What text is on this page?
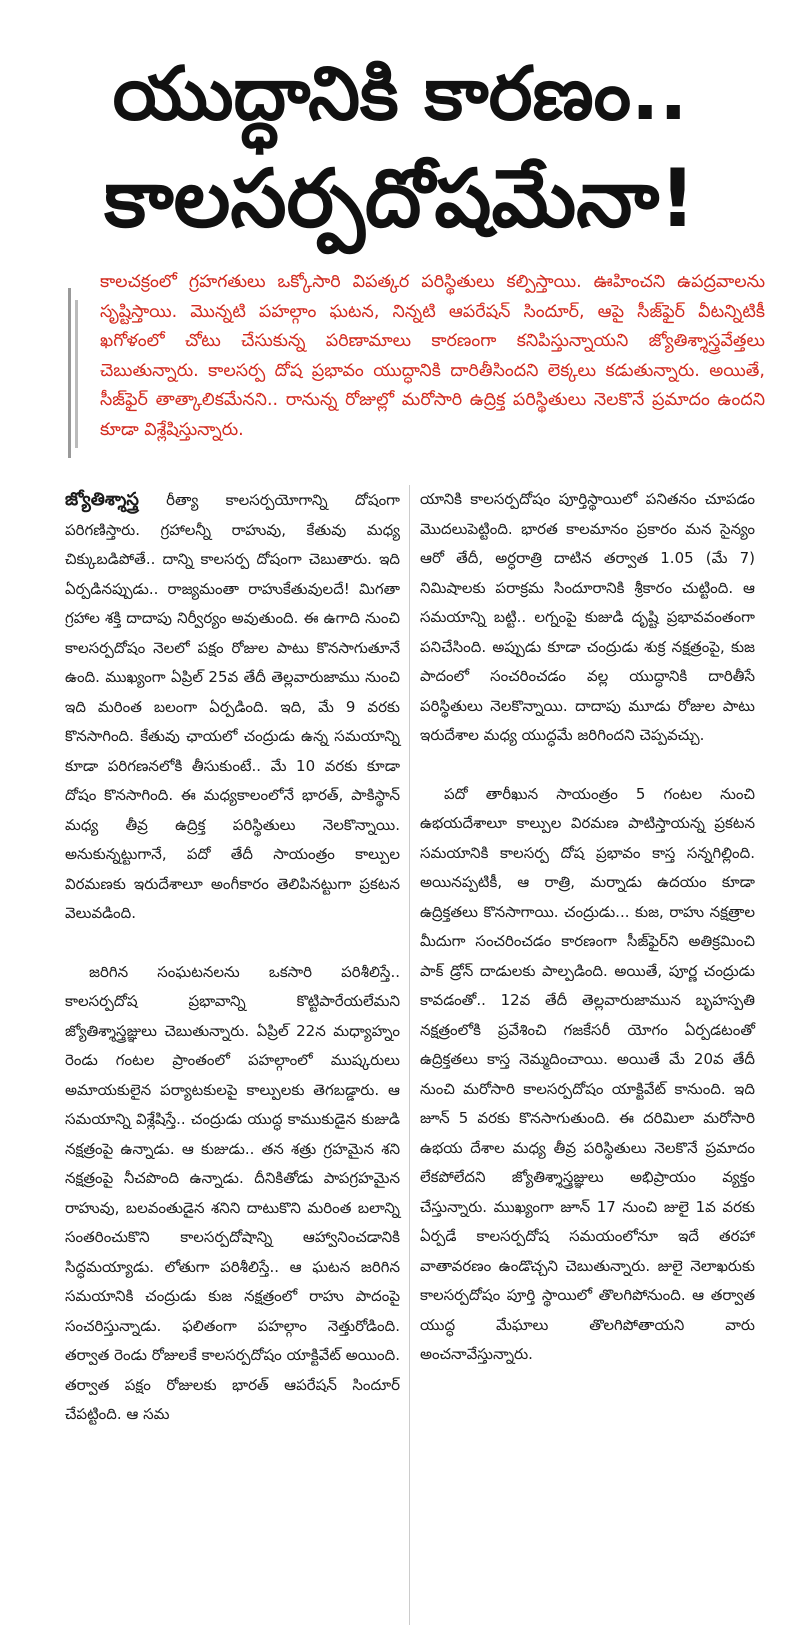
యుద్ధానికి కారణం..
కాలసర్పదోషమేనా!
కాలచక్రంలో గ్రహగతులు ఒక్కోసారి విపత్కర పరిస్థితులు కల్పిస్తాయి. ఊహించని ఉపద్రవాలను సృష్టిస్తాయి. మొన్నటి పహల్గాం ఘటన, నిన్నటి ఆపరేషన్ సిందూర్, ఆపై సీజ్‌ఫైర్ వీటన్నిటికీ ఖగోళంలో చోటు చేసుకున్న పరిణామాలు కారణంగా కనిపిస్తున్నాయని జ్యోతిశ్శాస్త్రవేత్తలు చెబుతున్నారు. కాలసర్ప దోష ప్రభావం యుద్ధానికి దారితీసిందని లెక్కలు కడుతున్నారు. అయితే, సీజ్‌ఫైర్ తాత్కాలికమేనని.. రానున్న రోజుల్లో మరోసారి ఉద్రిక్త పరిస్థితులు నెలకొనే ప్రమాదం ఉందని కూడా విశ్లేషిస్తున్నారు.

జ్యోతిశ్శాస్త్ర రీత్యా కాలసర్పయోగాన్ని దోషంగా పరిగణిస్తారు. గ్రహాలన్నీ రాహువు, కేతువు మధ్య చిక్కుబడిపోతే.. దాన్ని కాలసర్ప దోషంగా చెబుతారు. ఇది ఏర్పడినప్పుడు.. రాజ్యమంతా రాహుకేతువులదే! మిగతా గ్రహాల శక్తి దాదాపు నిర్వీర్యం అవుతుంది. ఈ ఉగాది నుంచి కాలసర్పదోషం నెలలో పక్షం రోజుల పాటు కొనసాగుతూనే ఉంది. ముఖ్యంగా ఏప్రిల్ 25వ తేదీ తెల్లవారుజాము నుంచి ఇది మరింత బలంగా ఏర్పడింది. ఇది, మే 9 వరకు కొనసాగింది. కేతువు ఛాయలో చంద్రుడు ఉన్న సమయాన్ని కూడా పరిగణనలోకి తీసుకుంటే.. మే 10 వరకు కూడా దోషం కొనసాగింది. ఈ మధ్యకాలంలోనే భారత్, పాకిస్థాన్ మధ్య తీవ్ర ఉద్రిక్త పరిస్థితులు నెలకొన్నాయి. అనుకున్నట్టుగానే, పదో తేదీ సాయంత్రం కాల్పుల విరమణకు ఇరుదేశాలూ అంగీకారం తెలిపినట్టుగా ప్రకటన వెలువడింది.

జరిగిన సంఘటనలను ఒకసారి పరిశీలిస్తే.. కాలసర్పదోష ప్రభావాన్ని కొట్టిపారేయలేమని జ్యోతిశ్శాస్త్రజ్ఞులు చెబుతున్నారు. ఏప్రిల్ 22న మధ్యాహ్నం రెండు గంటల ప్రాంతంలో పహల్గాంలో ముష్కరులు అమాయకులైన పర్యాటకులపై కాల్పులకు తెగబడ్డారు. ఆ సమయాన్ని విశ్లేషిస్తే.. చంద్రుడు యుద్ధ కాముకుడైన కుజుడి నక్షత్రంపై ఉన్నాడు. ఆ కుజుడు.. తన శత్రు గ్రహమైన శని నక్షత్రంపై నీచపొంది ఉన్నాడు. దీనికితోడు పాపగ్రహమైన రాహువు, బలవంతుడైన శనిని దాటుకొని మరింత బలాన్ని సంతరించుకొని కాలసర్పదోషాన్ని ఆహ్వానించడానికి సిద్ధమయ్యాడు. లోతుగా పరిశీలిస్తే.. ఆ ఘటన జరిగిన సమయానికి చంద్రుడు కుజ నక్షత్రంలో రాహు పాదంపై సంచరిస్తున్నాడు. ఫలితంగా పహల్గాం నెత్తురోడింది. తర్వాత రెండు రోజులకే కాలసర్పదోషం యాక్టివేట్ అయింది. తర్వాత పక్షం రోజులకు భారత్ ఆపరేషన్ సిందూర్ చేపట్టింది. ఆ సమ

యానికి కాలసర్పదోషం పూర్తిస్థాయిలో పనితనం చూపడం మొదలుపెట్టింది. భారత కాలమానం ప్రకారం మన సైన్యం ఆరో తేదీ, అర్ధరాత్రి దాటిన తర్వాత 1.05 (మే 7) నిమిషాలకు పరాక్రమ సిందూరానికి శ్రీకారం చుట్టింది. ఆ సమయాన్ని బట్టి.. లగ్నంపై కుజుడి దృష్టి ప్రభావవంతంగా పనిచేసింది. అప్పుడు కూడా చంద్రుడు శుక్ర నక్షత్రంపై, కుజ పాదంలో సంచరించడం వల్ల యుద్ధానికి దారితీసే పరిస్థితులు నెలకొన్నాయి. దాదాపు మూడు రోజుల పాటు ఇరుదేశాల మధ్య యుద్ధమే జరిగిందని చెప్పవచ్చు.

పదో తారీఖున సాయంత్రం 5 గంటల నుంచి ఉభయదేశాలూ కాల్పుల విరమణ పాటిస్తాయన్న ప్రకటన సమయానికి కాలసర్ప దోష ప్రభావం కాస్త సన్నగిల్లింది. అయినప్పటికీ, ఆ రాత్రి, మర్నాడు ఉదయం కూడా ఉద్రిక్తతలు కొనసాగాయి. చంద్రుడు... కుజ, రాహు నక్షత్రాల మీదుగా సంచరించడం కారణంగా సీజ్‌ఫైర్‌ని అతిక్రమించి పాక్ డ్రోన్ దాడులకు పాల్పడింది. అయితే, పూర్ణ చంద్రుడు కావడంతో.. 12వ తేదీ తెల్లవారుజామున బృహస్పతి నక్షత్రంలోకి ప్రవేశించి గజకేసరీ యోగం ఏర్పడటంతో ఉద్రిక్తతలు కాస్త నెమ్మదించాయి. అయితే మే 20వ తేదీ నుంచి మరోసారి కాలసర్పదోషం యాక్టివేట్ కానుంది. ఇది జూన్ 5 వరకు కొనసాగుతుంది. ఈ దరిమిలా మరోసారి ఉభయ దేశాల మధ్య తీవ్ర పరిస్థితులు నెలకొనే ప్రమాదం లేకపోలేదని జ్యోతిశ్శాస్త్రజ్ఞులు అభిప్రాయం వ్యక్తం చేస్తున్నారు. ముఖ్యంగా జూన్ 17 నుంచి జులై 1వ వరకు ఏర్పడే కాలసర్పదోష సమయంలోనూ ఇదే తరహా వాతావరణం ఉండొచ్చని చెబుతున్నారు. జులై నెలాఖరుకు కాలసర్పదోషం పూర్తి స్థాయిలో తొలగిపోనుంది. ఆ తర్వాత యుద్ధ మేఘాలు తొలగిపోతాయని వారు అంచనావేస్తున్నారు.
